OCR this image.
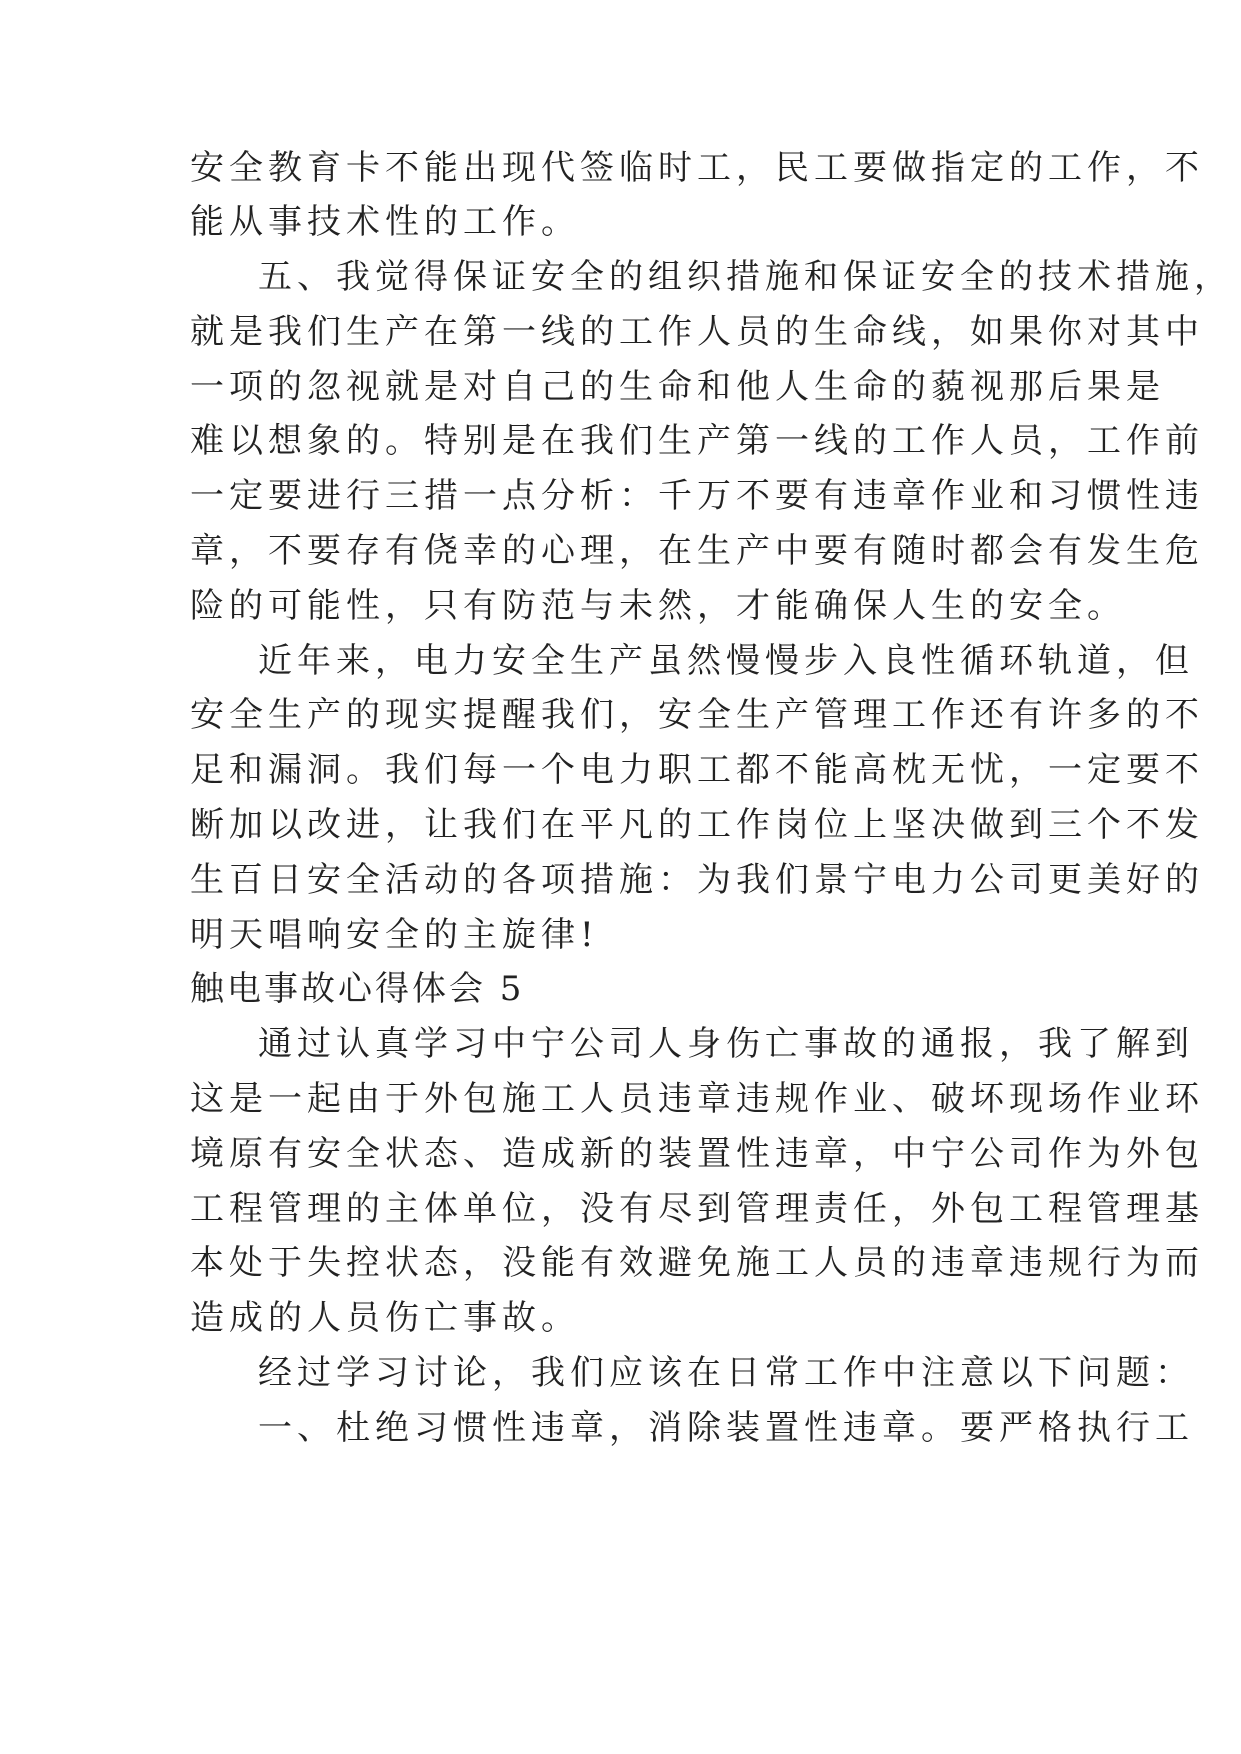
安全教育卡不能出现代签临时工，民工要做指定的工作，不
能从事技术性的工作。
五、我觉得保证安全的组织措施和保证安全的技术措施，
就是我们生产在第一线的工作人员的生命线，如果你对其中
一项的忽视就是对自己的生命和他人生命的藐视那后果是
难以想象的。特别是在我们生产第一线的工作人员，工作前
一定要进行三措一点分析：千万不要有违章作业和习惯性违
章，不要存有侥幸的心理，在生产中要有随时都会有发生危
险的可能性，只有防范与未然，才能确保人生的安全。
近年来，电力安全生产虽然慢慢步入良性循环轨道，但
安全生产的现实提醒我们，安全生产管理工作还有许多的不
足和漏洞。我们每一个电力职工都不能高枕无忧，一定要不
断加以改进，让我们在平凡的工作岗位上坚决做到三个不发
生百日安全活动的各项措施：为我们景宁电力公司更美好的
明天唱响安全的主旋律!
触电事故心得体会 5
通过认真学习中宁公司人身伤亡事故的通报，我了解到
这是一起由于外包施工人员违章违规作业、破坏现场作业环
境原有安全状态、造成新的装置性违章，中宁公司作为外包
工程管理的主体单位，没有尽到管理责任，外包工程管理基
本处于失控状态，没能有效避免施工人员的违章违规行为而
造成的人员伤亡事故。
经过学习讨论，我们应该在日常工作中注意以下问题：
一、杜绝习惯性违章，消除装置性违章。要严格执行工
